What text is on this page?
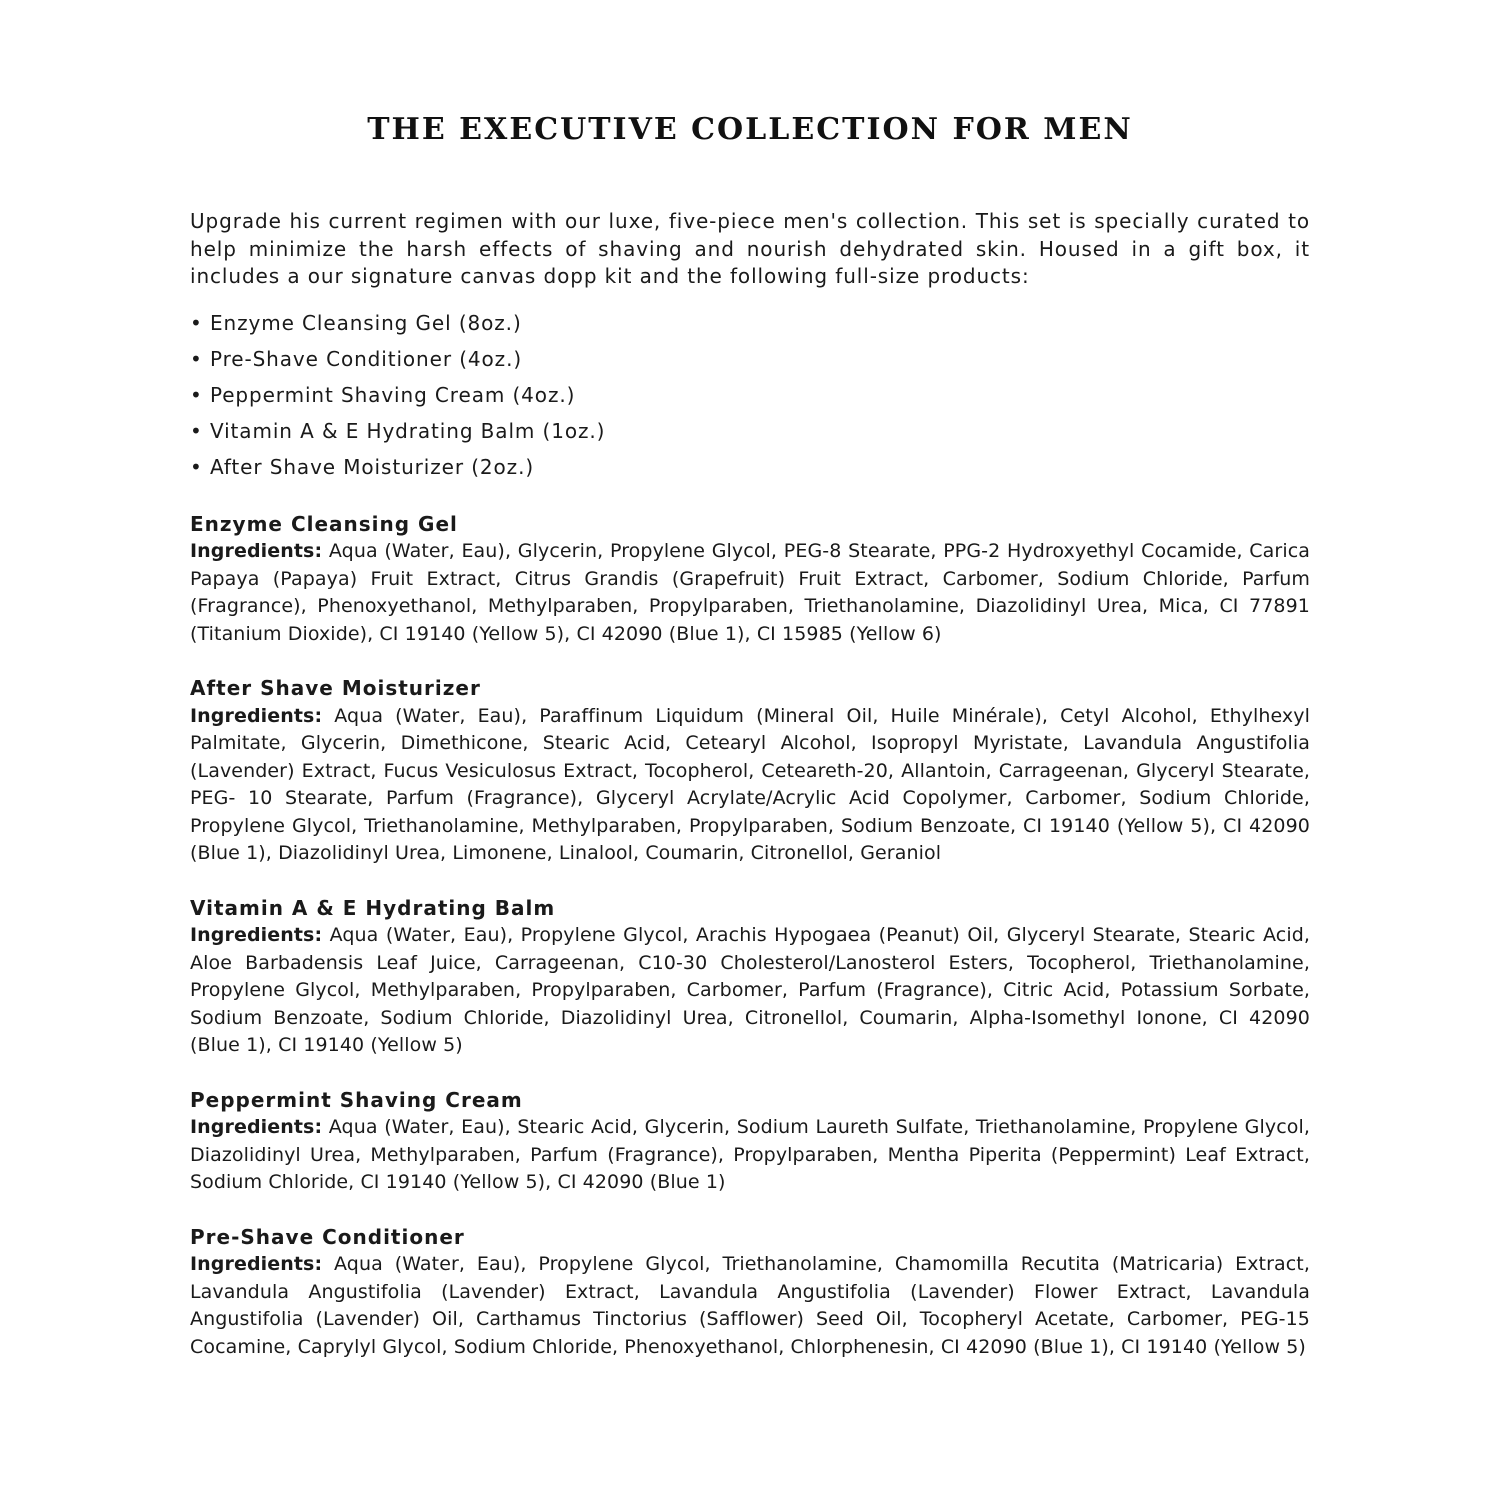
THE EXECUTIVE COLLECTION FOR MEN

Upgrade his current regimen with our luxe, five-piece men's collection. This set is specially curated to help minimize the harsh effects of shaving and nourish dehydrated skin. Housed in a gift box, it includes a our signature canvas dopp kit and the following full-size products:

• Enzyme Cleansing Gel (8oz.)
• Pre-Shave Conditioner (4oz.)
• Peppermint Shaving Cream (4oz.)
• Vitamin A & E Hydrating Balm (1oz.)
• After Shave Moisturizer (2oz.)

Enzyme Cleansing Gel

Ingredients: Aqua (Water, Eau), Glycerin, Propylene Glycol, PEG-8 Stearate, PPG-2 Hydroxyethyl Cocamide, Carica Papaya (Papaya) Fruit Extract, Citrus Grandis (Grapefruit) Fruit Extract, Carbomer, Sodium Chloride, Parfum (Fragrance), Phenoxyethanol, Methylparaben, Propylparaben, Triethanolamine, Diazolidinyl Urea, Mica, CI 77891 (Titanium Dioxide), CI 19140 (Yellow 5), CI 42090 (Blue 1), CI 15985 (Yellow 6)

After Shave Moisturizer

Ingredients: Aqua (Water, Eau), Paraffinum Liquidum (Mineral Oil, Huile Minérale), Cetyl Alcohol, Ethylhexyl Palmitate, Glycerin, Dimethicone, Stearic Acid, Cetearyl Alcohol, Isopropyl Myristate, Lavandula Angustifolia (Lavender) Extract, Fucus Vesiculosus Extract, Tocopherol, Ceteareth-20, Allantoin, Carrageenan, Glyceryl Stearate, PEG- 10 Stearate, Parfum (Fragrance), Glyceryl Acrylate/Acrylic Acid Copolymer, Carbomer, Sodium Chloride, Propylene Glycol, Triethanolamine, Methylparaben, Propylparaben, Sodium Benzoate, CI 19140 (Yellow 5), CI 42090 (Blue 1), Diazolidinyl Urea, Limonene, Linalool, Coumarin, Citronellol, Geraniol

Vitamin A & E Hydrating Balm

Ingredients: Aqua (Water, Eau), Propylene Glycol, Arachis Hypogaea (Peanut) Oil, Glyceryl Stearate, Stearic Acid, Aloe Barbadensis Leaf Juice, Carrageenan, C10-30 Cholesterol/Lanosterol Esters, Tocopherol, Triethanolamine, Propylene Glycol, Methylparaben, Propylparaben, Carbomer, Parfum (Fragrance), Citric Acid, Potassium Sorbate, Sodium Benzoate, Sodium Chloride, Diazolidinyl Urea, Citronellol, Coumarin, Alpha-Isomethyl Ionone, CI 42090 (Blue 1), CI 19140 (Yellow 5)

Peppermint Shaving Cream

Ingredients: Aqua (Water, Eau), Stearic Acid, Glycerin, Sodium Laureth Sulfate, Triethanolamine, Propylene Glycol, Diazolidinyl Urea, Methylparaben, Parfum (Fragrance), Propylparaben, Mentha Piperita (Peppermint) Leaf Extract, Sodium Chloride, CI 19140 (Yellow 5), CI 42090 (Blue 1)

Pre-Shave Conditioner

Ingredients: Aqua (Water, Eau), Propylene Glycol, Triethanolamine, Chamomilla Recutita (Matricaria) Extract, Lavandula Angustifolia (Lavender) Extract, Lavandula Angustifolia (Lavender) Flower Extract, Lavandula Angustifolia (Lavender) Oil, Carthamus Tinctorius (Safflower) Seed Oil, Tocopheryl Acetate, Carbomer, PEG-15 Cocamine, Caprylyl Glycol, Sodium Chloride, Phenoxyethanol, Chlorphenesin, CI 42090 (Blue 1), CI 19140 (Yellow 5)
